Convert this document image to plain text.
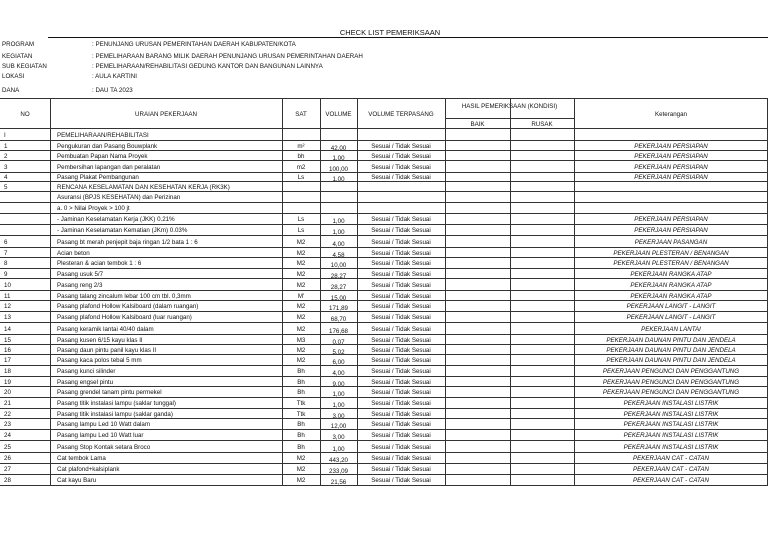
CHECK LIST PEMERIKSAAN
PROGRAM	: PENUNJANG URUSAN PEMERINTAHAN DAERAH KABUPATEN/KOTA
KEGIATAN	: PEMELIHARAAN BARANG MILIK DAERAH PENUNJANG URUSAN PEMERINTAHAN DAERAH
SUB KEGIATAN	: PEMELIHARAAN/REHABILITASI GEDUNG KANTOR DAN BANGUNAN LAINNYA
LOKASI	: AULA KARTINI
DANA	: DAU TA 2023
NO	URAIAN PEKERJAAN	SAT	VOLUME	VOLUME TERPASANG
HASIL PEMERIKSAAN (KONDISI)
BAIK	RUSAK
Keterangan
I	PEMELIHARAAN/REHABILITASI
1	Pengukuran dan Pasang Bouwplank	m²	42,00	Sesuai / Tidak Sesuai	PEKERJAAN PERSIAPAN
2	Pembuatan Papan Nama Proyek	bh	1,00	Sesuai / Tidak Sesuai	PEKERJAAN PERSIAPAN
3	Pembersihan lapangan dan peralatan	m2	100,00	Sesuai / Tidak Sesuai	PEKERJAAN PERSIAPAN
4	Pasang Plakat Pembangunan	Ls	1,00	Sesuai / Tidak Sesuai	PEKERJAAN PERSIAPAN
5	RENCANA KESELAMATAN DAN KESEHATAN KERJA (RK3K)
Asuransi (BPJS KESEHATAN) dan Perizinan
a. 0 > Nilai Proyek > 100 jt
- Jaminan Keselamatan Kerja (JKK) 0.21%	Ls	1,00	Sesuai / Tidak Sesuai	PEKERJAAN PERSIAPAN
- Jaminan Keselamatan Kematian (JKm) 0.03%	Ls	1,00	Sesuai / Tidak Sesuai	PEKERJAAN PERSIAPAN
6	Pasang bt merah penjepit baja ringan 1/2 bata 1 : 6	M2	4,00	Sesuai / Tidak Sesuai	PEKERJAAN PASANGAN
7	Acian beton	M2	4,58	Sesuai / Tidak Sesuai	PEKERJAAN PLESTERAN / BENANGAN
8	Plesteran & acian tembok 1 : 6	M2	10,00	Sesuai / Tidak Sesuai	PEKERJAAN PLESTERAN / BENANGAN
9	Pasang usuk 5/7	M2	28,27	Sesuai / Tidak Sesuai	PEKERJAAN RANGKA ATAP
10	Pasang reng 2/3	M2	28,27	Sesuai / Tidak Sesuai	PEKERJAAN RANGKA ATAP
11	Pasang talang zincalum lebar 100 cm tbl. 0,3mm	M'	15,00	Sesuai / Tidak Sesuai	PEKERJAAN RANGKA ATAP
12	Pasang plafond Hollow Kalsiboard (dalam ruangan)	M2	171,89	Sesuai / Tidak Sesuai	PEKERJAAN LANGIT - LANGIT
13	Pasang plafond Hollow Kalsiboard (luar ruangan)	M2	68,70	Sesuai / Tidak Sesuai	PEKERJAAN LANGIT - LANGIT
14	Pasang keramik lantai 40/40 dalam	M2	176,68	Sesuai / Tidak Sesuai	PEKERJAAN LANTAI
15	Pasang kusen 6/15 kayu klas II	M3	0,07	Sesuai / Tidak Sesuai	PEKERJAAN DAUNAN PINTU DAN JENDELA
16	Pasang daun pintu panil kayu klas II	M2	5,02	Sesuai / Tidak Sesuai	PEKERJAAN DAUNAN PINTU DAN JENDELA
17	Pasang kaca polos tebal 5 mm	M2	6,00	Sesuai / Tidak Sesuai	PEKERJAAN DAUNAN PINTU DAN JENDELA
18	Pasang kunci silinder	Bh	4,00	Sesuai / Tidak Sesuai	PEKERJAAN PENGUNCI DAN PENGGANTUNG
19	Pasang engsel pintu	Bh	9,00	Sesuai / Tidak Sesuai	PEKERJAAN PENGUNCI DAN PENGGANTUNG
20	Pasang grendel tanam pintu permekel	Bh	1,00	Sesuai / Tidak Sesuai	PEKERJAAN PENGUNCI DAN PENGGANTUNG
21	Pasang titik instalasi lampu (saklar tunggal)	Ttk	1,00	Sesuai / Tidak Sesuai	PEKERJAAN INSTALASI LISTRIK
22	Pasang titik instalasi lampu (saklar ganda)	Ttk	3,00	Sesuai / Tidak Sesuai	PEKERJAAN INSTALASI LISTRIK
23	Pasang lampu Led 10 Watt dalam	Bh	12,00	Sesuai / Tidak Sesuai	PEKERJAAN INSTALASI LISTRIK
24	Pasang lampu Led 10 Watt luar	Bh	3,00	Sesuai / Tidak Sesuai	PEKERJAAN INSTALASI LISTRIK
25	Pasang Stop Kontak setara Broco	Bh	1,00	Sesuai / Tidak Sesuai	PEKERJAAN INSTALASI LISTRIK
26	Cat tembok Lama	M2	443,20	Sesuai / Tidak Sesuai	PEKERJAAN CAT - CATAN
27	Cat plafond+kalsiplank	M2	233,09	Sesuai / Tidak Sesuai	PEKERJAAN CAT - CATAN
28	Cat kayu Baru	M2	21,56	Sesuai / Tidak Sesuai	PEKERJAAN CAT - CATAN
